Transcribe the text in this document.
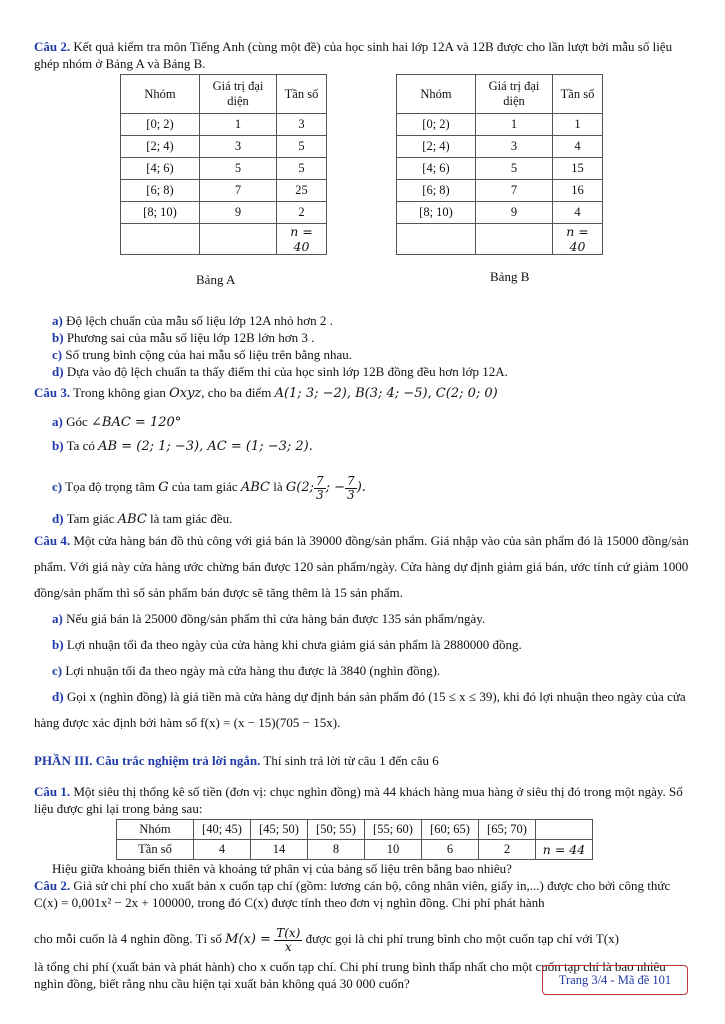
Câu 2. Kết quả kiểm tra môn Tiếng Anh (cùng một đề) của học sinh hai lớp 12A và 12B được cho lần lượt bởi mẫu số liệu ghép nhóm ở Bảng A và Bảng B.

Nhóm	Giá trị đại diện	Tần số
[0; 2)	1	3
[2; 4)	3	5
[4; 6)	5	5
[6; 8)	7	25
[8; 10)	9	2
		n = 40
Bảng A
Nhóm	Giá trị đại diện	Tần số
[0; 2)	1	1
[2; 4)	3	4
[4; 6)	5	15
[6; 8)	7	16
[8; 10)	9	4
		n = 40
Bảng B

a) Độ lệch chuẩn của mẫu số liệu lớp 12A nhỏ hơn 2 .

b) Phương sai của mẫu số liệu lớp 12B lớn hơn 3 .

c) Số trung bình cộng của hai mẫu số liệu trên bằng nhau.

d) Dựa vào độ lệch chuẩn ta thấy điểm thi của học sinh lớp 12B đồng đều hơn lớp 12A.

Câu 3. Trong không gian Oxyz, cho ba điểm A(1; 3; −2), B(3; 4; −5), C(2; 0; 0)

a) Góc ∠BAC = 120°

b) Ta có AB = (2; 1; −3), AC = (1; −3; 2).

c) Tọa độ trọng tâm G của tam giác ABC là G(2; $\frac{7}{3}$ ; − $\frac{7}{3}$ ).

d) Tam giác ABC là tam giác đều.

Câu 4. Một cửa hàng bán đồ thủ công với giá bán là 39000 đồng/sản phẩm. Giá nhập vào của sản phẩm đó là 15000 đồng/sản phẩm. Với giá này cửa hàng ước chừng bán được 120 sản phẩm/ngày. Cửa hàng dự định giảm giá bán, ước tính cứ giảm 1000 đồng/sản phẩm thì số sản phẩm bán được sẽ tăng thêm là 15 sản phẩm.

a) Nếu giá bán là 25000 đồng/sản phẩm thì cửa hàng bán được 135 sản phẩm/ngày.

b) Lợi nhuận tối đa theo ngày của cửa hàng khi chưa giảm giá sản phẩm là 2880000 đồng.

c) Lợi nhuận tối đa theo ngày mà cửa hàng thu được là 3840 (nghìn đồng).

d) Gọi x (nghìn đồng) là giá tiền mà cửa hàng dự định bán sản phẩm đó (15 ≤ x ≤ 39), khi đó lợi nhuận theo ngày của cửa hàng được xác định bởi hàm số f(x) = (x − 15)(705 − 15x).

PHẦN III. Câu trắc nghiệm trả lời ngắn. Thí sinh trả lời từ câu 1 đến câu 6

Câu 1. Một siêu thị thống kê số tiền (đơn vị: chục nghìn đồng) mà 44 khách hàng mua hàng ở siêu thị đó trong một ngày. Số liệu được ghi lại trong bảng sau:

Nhóm	[40; 45)	[45; 50)	[50; 55)	[55; 60)	[60; 65)	[65; 70)	
Tần số	4	14	8	10	6	2	n = 44

Hiệu giữa khoảng biến thiên và khoảng tứ phân vị của bảng số liệu trên bằng bao nhiêu?

Câu 2. Giả sử chi phí cho xuất bản x cuốn tạp chí (gồm: lương cán bộ, công nhân viên, giấy in,...) được cho bởi công thức C(x) = 0,001x² − 2x + 100000, trong đó C(x) được tính theo đơn vị nghìn đồng. Chi phí phát hành

cho mỗi cuốn là 4 nghìn đồng. Tỉ số $M(x) = \frac{T(x)}{x}$ được gọi là chi phí trung bình cho một cuốn tạp chí với T(x)

là tổng chi phí (xuất bản và phát hành) cho x cuốn tạp chí. Chi phí trung bình thấp nhất cho một cuốn tạp chí là bao nhiêu nghìn đồng, biết rằng nhu cầu hiện tại xuất bản không quá 30 000 cuốn?	Trang 3/4 - Mã đề 101
